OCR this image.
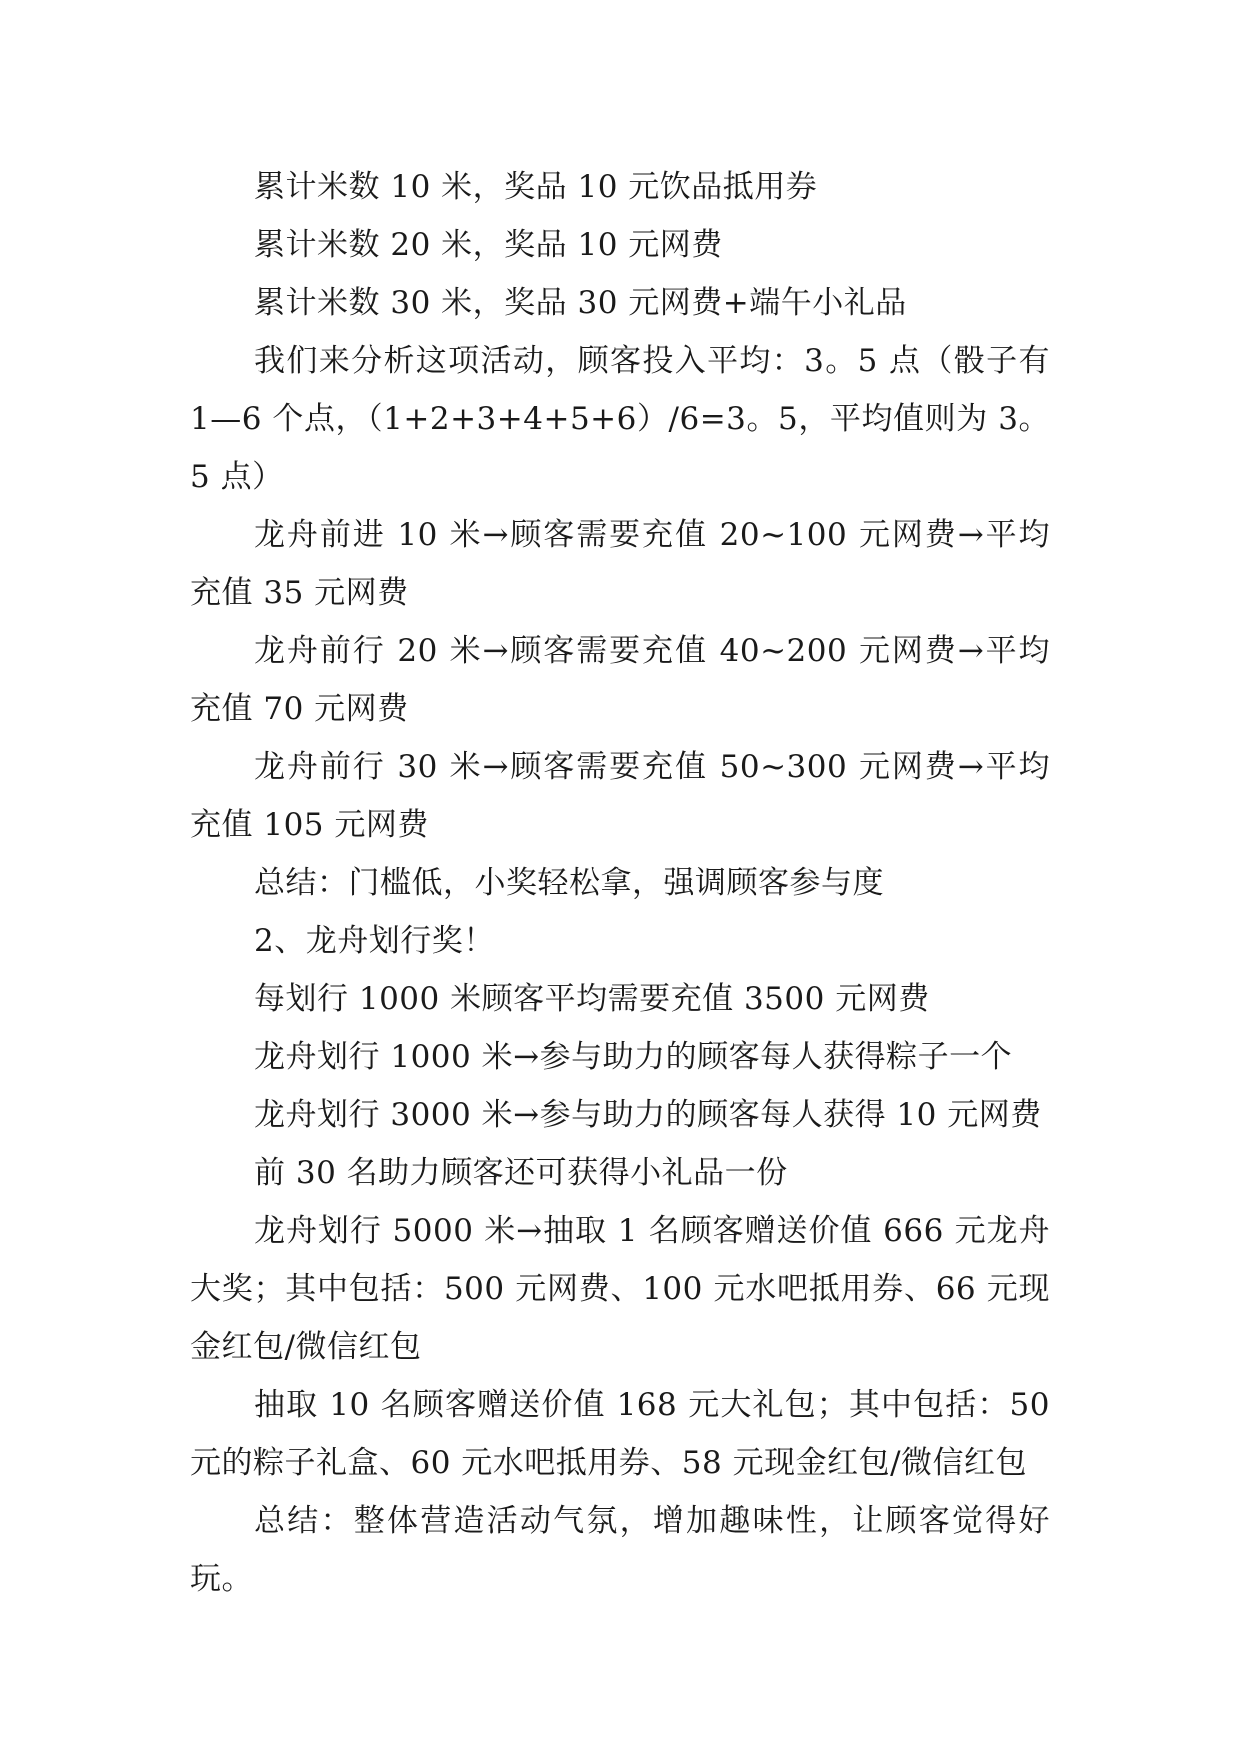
累计米数 10 米，奖品 10 元饮品抵用券

累计米数 20 米，奖品 10 元网费

累计米数 30 米，奖品 30 元网费+端午小礼品

我们来分析这项活动，顾客投入平均：3。5 点（骰子有 1—6 个点，（1+2+3+4+5+6）/6=3。5，平均值则为 3。5 点）

龙舟前进 10 米→顾客需要充值 20~100 元网费→平均充值 35 元网费

龙舟前行 20 米→顾客需要充值 40~200 元网费→平均充值 70 元网费

龙舟前行 30 米→顾客需要充值 50~300 元网费→平均充值 105 元网费

总结：门槛低，小奖轻松拿，强调顾客参与度

2、龙舟划行奖！

每划行 1000 米顾客平均需要充值 3500 元网费

龙舟划行 1000 米→参与助力的顾客每人获得粽子一个

龙舟划行 3000 米→参与助力的顾客每人获得 10 元网费

前 30 名助力顾客还可获得小礼品一份

龙舟划行 5000 米→抽取 1 名顾客赠送价值 666 元龙舟大奖；其中包括：500 元网费、100 元水吧抵用券、66 元现金红包/微信红包

抽取 10 名顾客赠送价值 168 元大礼包；其中包括：50 元的粽子礼盒、60 元水吧抵用券、58 元现金红包/微信红包

总结：整体营造活动气氛，增加趣味性，让顾客觉得好玩。
